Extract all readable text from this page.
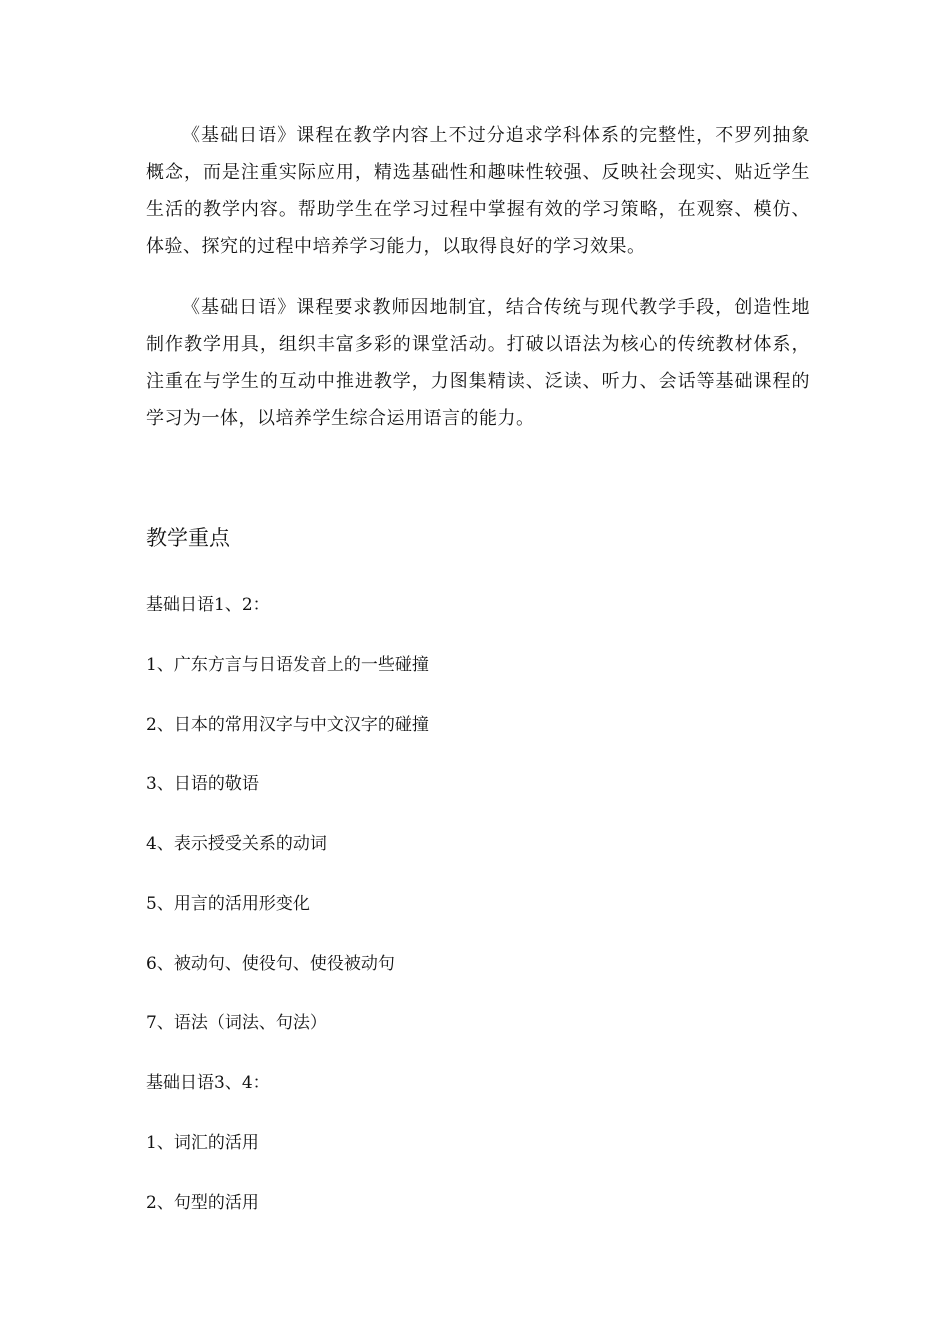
《基础日语》课程在教学内容上不过分追求学科体系的完整性，不罗列抽象概念，而是注重实际应用，精选基础性和趣味性较强、反映社会现实、贴近学生生活的教学内容。帮助学生在学习过程中掌握有效的学习策略，在观察、模仿、体验、探究的过程中培养学习能力，以取得良好的学习效果。

《基础日语》课程要求教师因地制宜，结合传统与现代教学手段，创造性地制作教学用具，组织丰富多彩的课堂活动。打破以语法为核心的传统教材体系，注重在与学生的互动中推进教学，力图集精读、泛读、听力、会话等基础课程的学习为一体，以培养学生综合运用语言的能力。

教学重点
基础日语1、2：
1、广东方言与日语发音上的一些碰撞
2、日本的常用汉字与中文汉字的碰撞
3、日语的敬语
4、表示授受关系的动词
5、用言的活用形变化
6、被动句、使役句、使役被动句
7、语法（词法、句法）
基础日语3、4：
1、词汇的活用
2、句型的活用
